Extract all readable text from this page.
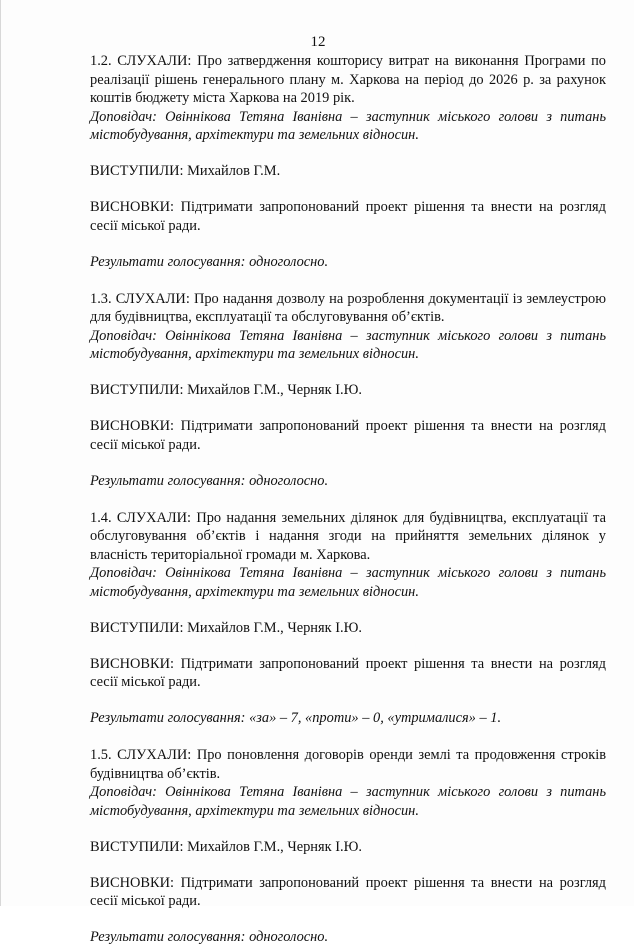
12

1.2. СЛУХАЛИ: Про затвердження кошторису витрат на виконання Програми по реалізації рішень генерального плану м. Харкова на період до 2026 р. за рахунок коштів бюджету міста Харкова на 2019 рік.

Доповідач: Овіннікова Тетяна Іванівна – заступник міського голови з питань містобудування, архітектури та земельних відносин.

ВИСТУПИЛИ: Михайлов Г.М.

ВИСНОВКИ: Підтримати запропонований проект рішення та внести на розгляд сесії міської ради.

Результати голосування: одноголосно.

1.3. СЛУХАЛИ: Про надання дозволу на розроблення документації із землеустрою для будівництва, експлуатації та обслуговування об’єктів.

Доповідач: Овіннікова Тетяна Іванівна – заступник міського голови з питань містобудування, архітектури та земельних відносин.

ВИСТУПИЛИ: Михайлов Г.М., Черняк І.Ю.

ВИСНОВКИ: Підтримати запропонований проект рішення та внести на розгляд сесії міської ради.

Результати голосування: одноголосно.

1.4. СЛУХАЛИ: Про надання земельних ділянок для будівництва, експлуатації та обслуговування об’єктів і надання згоди на прийняття земельних ділянок у власність територіальної громади м. Харкова.

Доповідач: Овіннікова Тетяна Іванівна – заступник міського голови з питань містобудування, архітектури та земельних відносин.

ВИСТУПИЛИ: Михайлов Г.М., Черняк І.Ю.

ВИСНОВКИ: Підтримати запропонований проект рішення та внести на розгляд сесії міської ради.

Результати голосування: «за» – 7, «проти» – 0, «утрималися» – 1.

1.5. СЛУХАЛИ: Про поновлення договорів оренди землі та продовження строків будівництва об’єктів.

Доповідач: Овіннікова Тетяна Іванівна – заступник міського голови з питань містобудування, архітектури та земельних відносин.

ВИСТУПИЛИ: Михайлов Г.М., Черняк І.Ю.

ВИСНОВКИ: Підтримати запропонований проект рішення та внести на розгляд сесії міської ради.

Результати голосування: одноголосно.
